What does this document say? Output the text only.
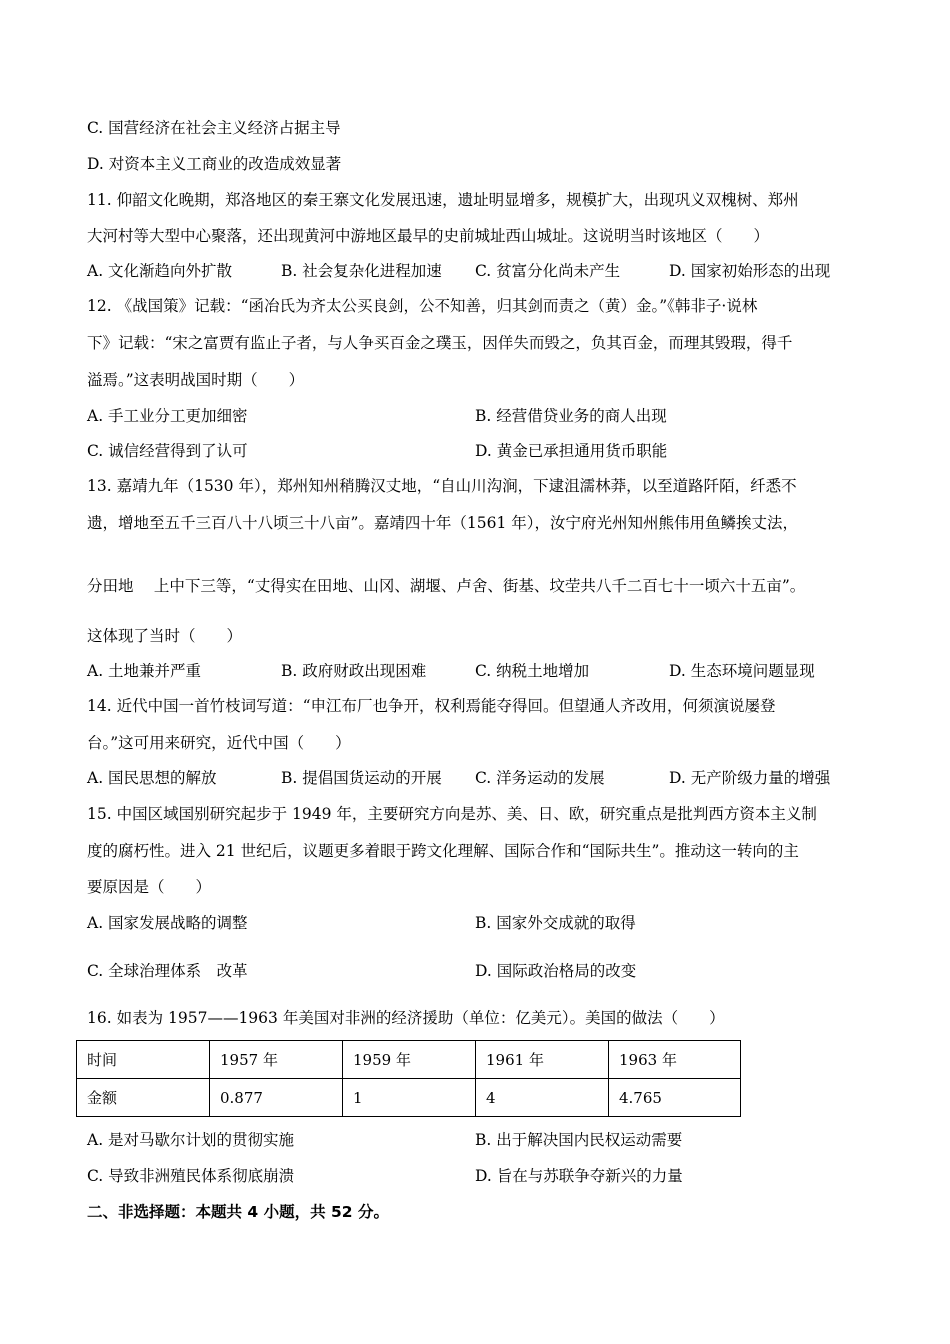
C. 国营经济在社会主义经济占据主导
D. 对资本主义工商业的改造成效显著
11. 仰韶文化晚期，郑洛地区的秦王寨文化发展迅速，遗址明显增多，规模扩大，出现巩义双槐树、郑州
大河村等大型中心聚落，还出现黄河中游地区最早的史前城址西山城址。这说明当时该地区（　　）
A. 文化渐趋向外扩散	B. 社会复杂化进程加速 C. 贫富分化尚未产生	D. 国家初始形态的出现
12. 《战国策》记载：“函冶氏为齐太公买良剑，公不知善，归其剑而责之（黄）金。”《韩非子·说林
下》记载：“宋之富贾有监止子者，与人争买百金之璞玉，因佯失而毁之，负其百金，而理其毁瑕，得千
溢焉。”这表明战国时期（　　）
A. 手工业分工更加细密	B. 经营借贷业务的商人出现
C. 诚信经营得到了认可	D. 黄金已承担通用货币职能
13. 嘉靖九年（1530 年），郑州知州稍腾汉丈地，“自山川沟涧，下逮沮濡林莽，以至道路阡陌，纤悉不
遗，增地至五千三百八十八顷三十八亩”。嘉靖四十年（1561 年），汝宁府光州知州熊伟用鱼鳞挨丈法，
分田地　 上中下三等，“丈得实在田地、山冈、湖堰、卢舍、街基、坟茔共八千二百七十一顷六十五亩”。
这体现了当时（　　）
A. 土地兼并严重	B. 政府财政出现困难	C. 纳税土地增加	D. 生态环境问题显现
14. 近代中国一首竹枝词写道：“申江布厂也争开，权利焉能夺得回。但望通人齐改用，何须演说屡登
台。”这可用来研究，近代中国（　　）
A. 国民思想的解放	B. 提倡国货运动的开展 C. 洋务运动的发展	D. 无产阶级力量的增强
15. 中国区域国别研究起步于 1949 年，主要研究方向是苏、美、日、欧，研究重点是批判西方资本主义制
度的腐朽性。进入 21 世纪后，议题更多着眼于跨文化理解、国际合作和“国际共生”。推动这一转向的主
要原因是（　　）
A. 国家发展战略的调整	B. 国家外交成就的取得
C. 全球治理体系　改革	D. 国际政治格局的改变
16. 如表为 1957——1963 年美国对非洲的经济援助（单位：亿美元）。美国的做法（　　）
时间	1957 年	1959 年	1961 年	1963 年
金额	0.877	1	4	4.765
A. 是对马歇尔计划的贯彻实施	B. 出于解决国内民权运动需要
C. 导致非洲殖民体系彻底崩溃	D. 旨在与苏联争夺新兴的力量
二、非选择题：本题共 4 小题，共 52 分。
